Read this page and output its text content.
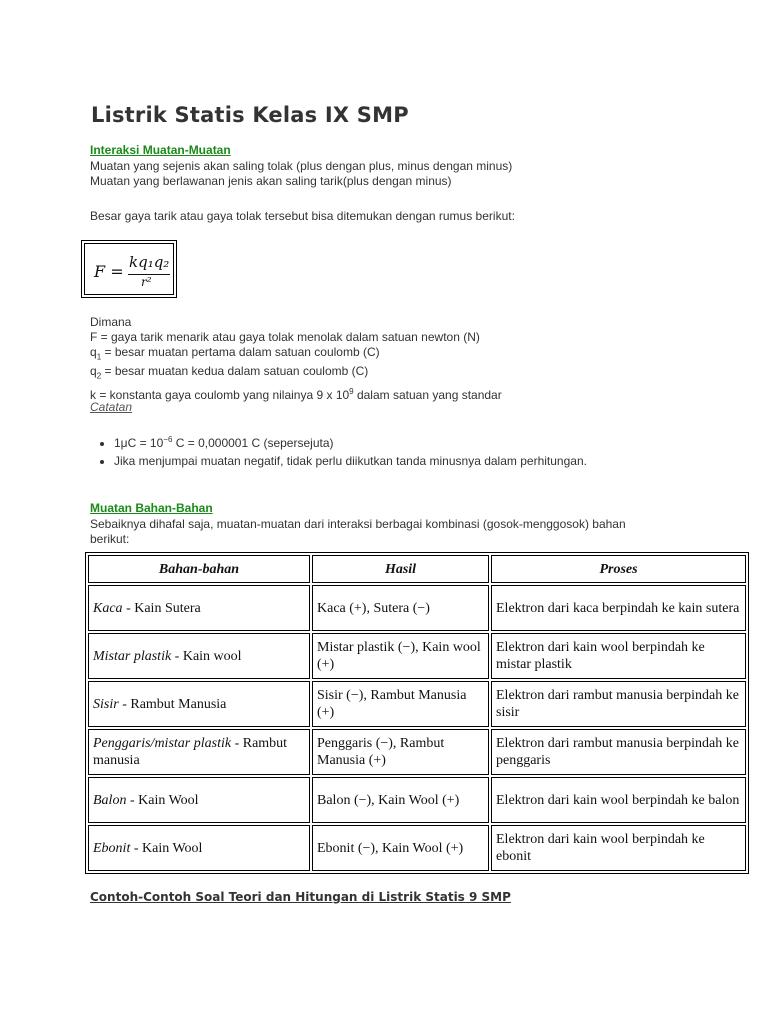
Listrik Statis Kelas IX SMP
Interaksi Muatan-Muatan
Muatan yang sejenis akan saling tolak (plus dengan plus, minus dengan minus)
Muatan yang berlawanan jenis akan saling tarik(plus dengan minus)
Besar gaya tarik atau gaya tolak tersebut bisa ditemukan dengan rumus berikut:
F = kq₁q₂
r²
Dimana
F = gaya tarik menarik atau gaya tolak menolak dalam satuan newton (N)
$q_1$ = besar muatan pertama dalam satuan coulomb (C)
$q_2$ = besar muatan kedua dalam satuan coulomb (C)
k = konstanta gaya coulomb yang nilainya 9 x $10^9$ dalam satuan yang standar
Catatan
• $1\mu C = 10^{-6}$ C = 0,000001 C (sepersejuta)
• Jika menjumpai muatan negatif, tidak perlu diikutkan tanda minusnya dalam perhitungan.
Muatan Bahan-Bahan
Sebaiknya dihafal saja, muatan-muatan dari interaksi berbagai kombinasi (gosok-menggosok) bahan
berikut:
Bahan-bahan	Hasil	Proses
Kaca - Kain Sutera	Kaca (+), Sutera (−)	Elektron dari kaca berpindah ke kain sutera
Mistar plastik - Kain wool	Mistar plastik (−), Kain wool (+)	Elektron dari kain wool berpindah ke mistar plastik
Sisir - Rambut Manusia	Sisir (−), Rambut Manusia (+)	Elektron dari rambut manusia berpindah ke sisir
Penggaris/mistar plastik - Rambut manusia	Penggaris (−), Rambut Manusia (+)	Elektron dari rambut manusia berpindah ke penggaris
Balon - Kain Wool	Balon (−), Kain Wool (+)	Elektron dari kain wool berpindah ke balon
Ebonit - Kain Wool	Ebonit (−), Kain Wool (+)	Elektron dari kain wool berpindah ke ebonit
Contoh-Contoh Soal Teori dan Hitungan di Listrik Statis 9 SMP
